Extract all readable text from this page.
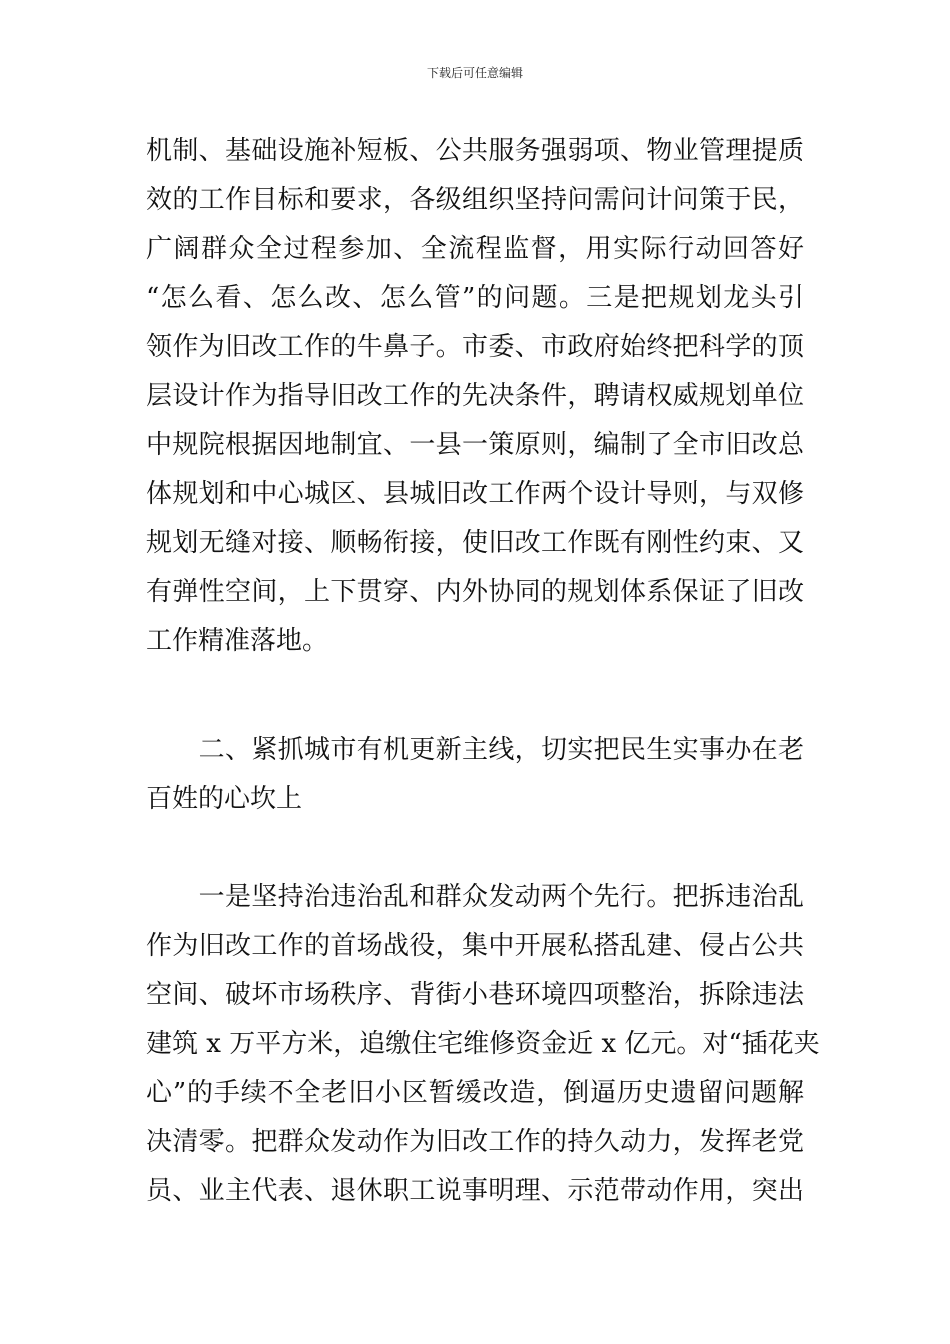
下载后可任意编辑
机制、基础设施补短板、公共服务强弱项、物业管理提质
效的工作目标和要求，各级组织坚持问需问计问策于民，
广阔群众全过程参加、全流程监督，用实际行动回答好
“怎么看、怎么改、怎么管”的问题。三是把规划龙头引
领作为旧改工作的牛鼻子。市委、市政府始终把科学的顶
层设计作为指导旧改工作的先决条件，聘请权威规划单位
中规院根据因地制宜、一县一策原则，编制了全市旧改总
体规划和中心城区、县城旧改工作两个设计导则，与双修
规划无缝对接、顺畅衔接，使旧改工作既有刚性约束、又
有弹性空间，上下贯穿、内外协同的规划体系保证了旧改
工作精准落地。
　　二、紧抓城市有机更新主线，切实把民生实事办在老
百姓的心坎上
　　一是坚持治违治乱和群众发动两个先行。把拆违治乱
作为旧改工作的首场战役，集中开展私搭乱建、侵占公共
空间、破坏市场秩序、背街小巷环境四项整治，拆除违法
建筑 x 万平方米，追缴住宅维修资金近 x 亿元。对“插花夹
心”的手续不全老旧小区暂缓改造，倒逼历史遗留问题解
决清零。把群众发动作为旧改工作的持久动力，发挥老党
员、业主代表、退休职工说事明理、示范带动作用，突出
